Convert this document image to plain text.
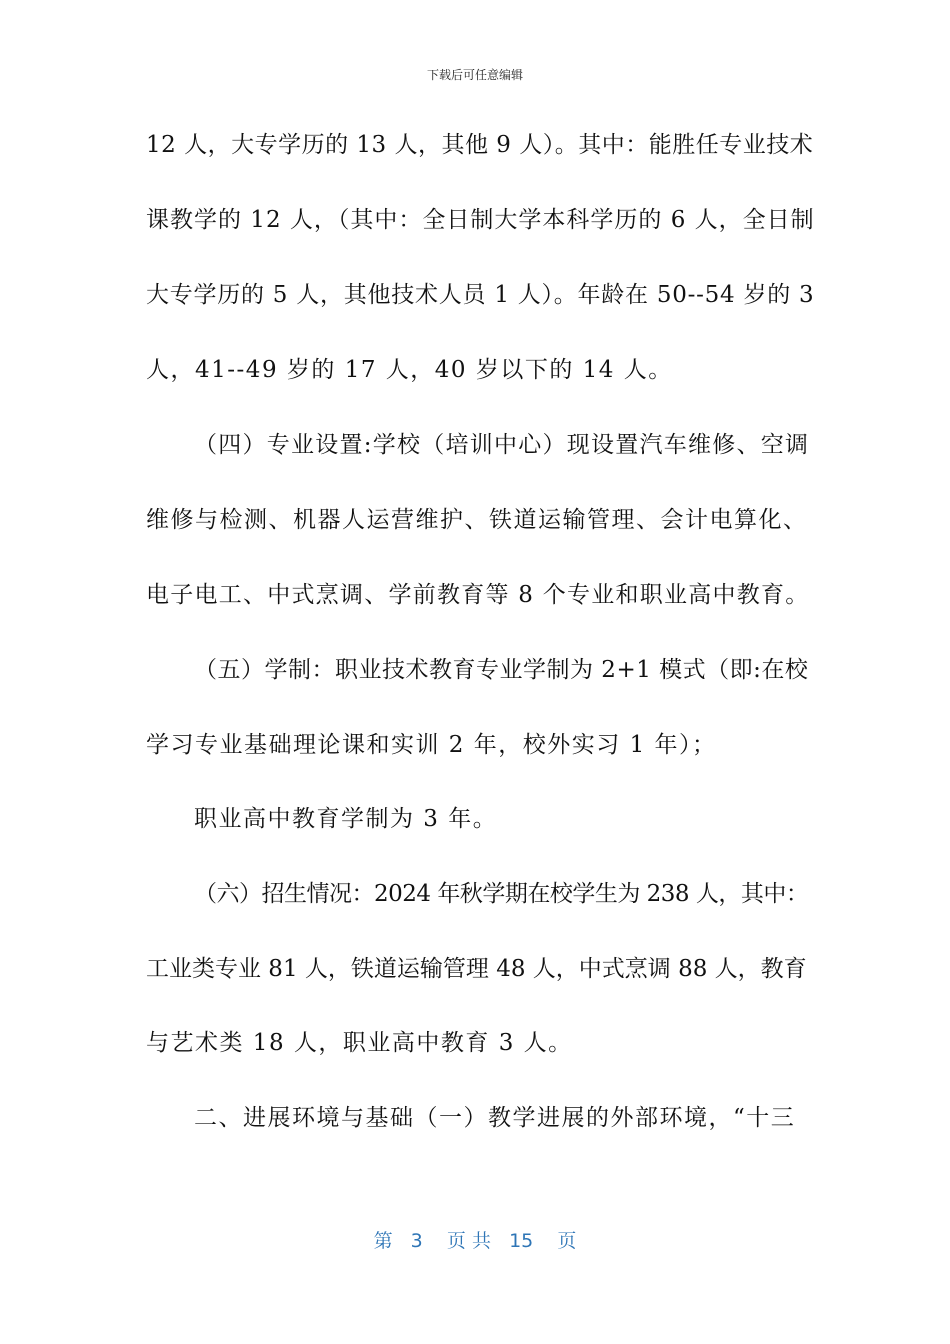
下载后可任意编辑
12 人，大专学历的 13 人，其他 9 人）。其中：能胜任专业技术
课教学的 12 人，（其中：全日制大学本科学历的 6 人，全日制
大专学历的 5 人，其他技术人员 1 人）。年龄在 50--54 岁的 3
人，41--49 岁的 17 人，40 岁以下的 14 人。
（四）专业设置:学校（培训中心）现设置汽车维修、空调
维修与检测、机器人运营维护、铁道运输管理、会计电算化、
电子电工、中式烹调、学前教育等 8 个专业和职业高中教育。
（五）学制：职业技术教育专业学制为 2+1 模式（即:在校
学习专业基础理论课和实训 2 年，校外实习 1 年）；
职业高中教育学制为 3 年。
（六）招生情况：2024 年秋学期在校学生为 238 人，其中：
工业类专业 81 人，铁道运输管理 48 人，中式烹调 88 人，教育
与艺术类 18 人，职业高中教育 3 人。
二、进展环境与基础（一）教学进展的外部环境，“十三
第   3    页 共   15    页
